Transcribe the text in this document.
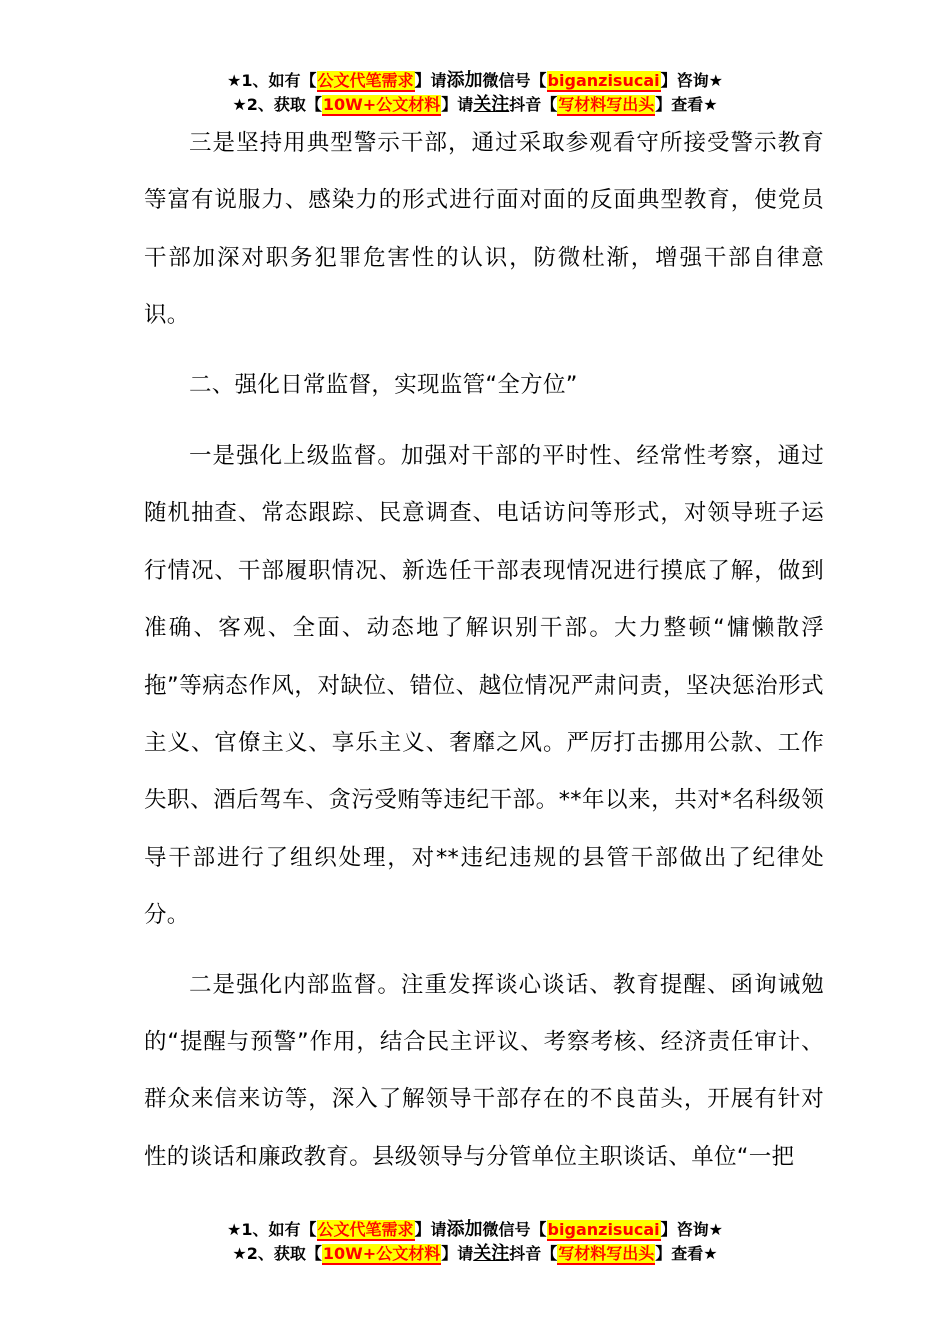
★1、如有【公文代笔需求】请添加微信号【biganzisucai】咨询★
★2、获取【10W+公文材料】请关注抖音【写材料写出头】查看★

三是坚持用典型警示干部，通过采取参观看守所接受警示教育等富有说服力、感染力的形式进行面对面的反面典型教育，使党员干部加深对职务犯罪危害性的认识，防微杜渐，增强干部自律意识。

二、强化日常监督，实现监管“全方位”

一是强化上级监督。加强对干部的平时性、经常性考察，通过随机抽查、常态跟踪、民意调查、电话访问等形式，对领导班子运行情况、干部履职情况、新选任干部表现情况进行摸底了解，做到准确、客观、全面、动态地了解识别干部。大力整顿“慵懒散浮拖”等病态作风，对缺位、错位、越位情况严肃问责，坚决惩治形式主义、官僚主义、享乐主义、奢靡之风。严厉打击挪用公款、工作失职、酒后驾车、贪污受贿等违纪干部。**年以来，共对*名科级领导干部进行了组织处理，对**违纪违规的县管干部做出了纪律处分。

二是强化内部监督。注重发挥谈心谈话、教育提醒、函询诫勉的“提醒与预警”作用，结合民主评议、考察考核、经济责任审计、群众来信来访等，深入了解领导干部存在的不良苗头，开展有针对性的谈话和廉政教育。县级领导与分管单位主职谈话、单位“一把

★1、如有【公文代笔需求】请添加微信号【biganzisucai】咨询★
★2、获取【10W+公文材料】请关注抖音【写材料写出头】查看★
